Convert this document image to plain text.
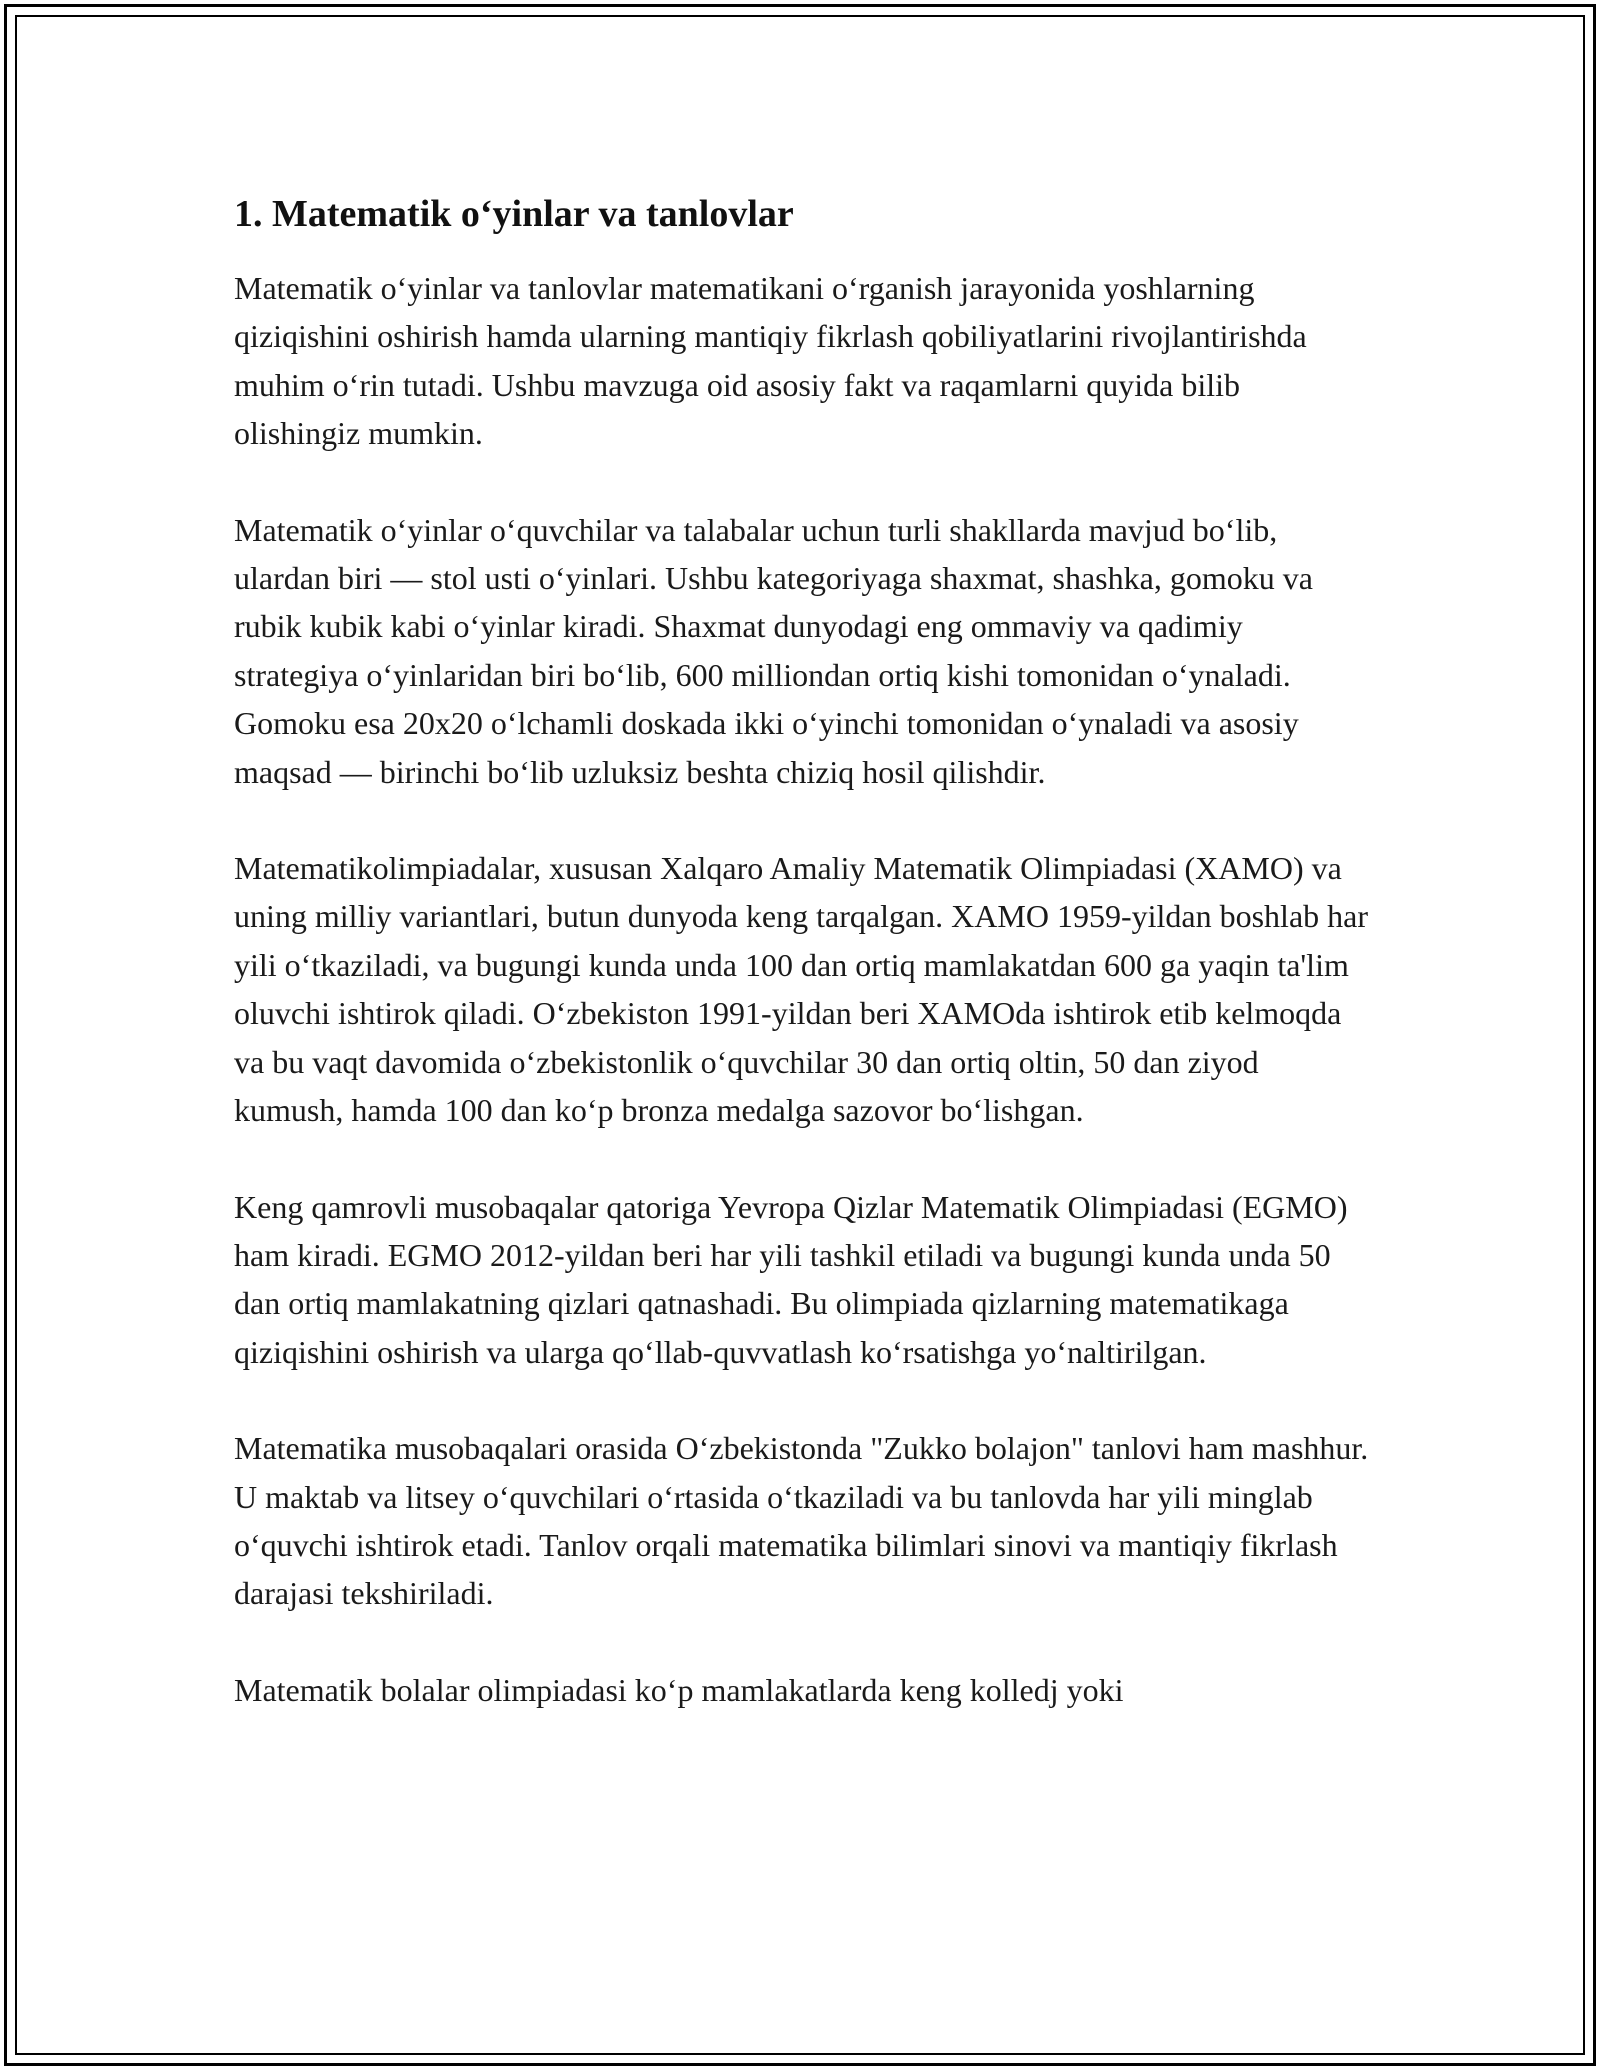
1. Matematik o‘yinlar va tanlovlar

Matematik o‘yinlar va tanlovlar matematikani o‘rganish jarayonida yoshlarning qiziqishini oshirish hamda ularning mantiqiy fikrlash qobiliyatlarini rivojlantirishda muhim o‘rin tutadi. Ushbu mavzuga oid asosiy fakt va raqamlarni quyida bilib olishingiz mumkin.

Matematik o‘yinlar o‘quvchilar va talabalar uchun turli shakllarda mavjud bo‘lib, ulardan biri — stol usti o‘yinlari. Ushbu kategoriyaga shaxmat, shashka, gomoku va rubik kubik kabi o‘yinlar kiradi. Shaxmat dunyodagi eng ommaviy va qadimiy strategiya o‘yinlaridan biri bo‘lib, 600 milliondan ortiq kishi tomonidan o‘ynaladi. Gomoku esa 20x20 o‘lchamli doskada ikki o‘yinchi tomonidan o‘ynaladi va asosiy maqsad — birinchi bo‘lib uzluksiz beshta chiziq hosil qilishdir.

Matematikolimpiadalar, xususan Xalqaro Amaliy Matematik Olimpiadasi (XAMO) va uning milliy variantlari, butun dunyoda keng tarqalgan. XAMO 1959-yildan boshlab har yili o‘tkaziladi, va bugungi kunda unda 100 dan ortiq mamlakatdan 600 ga yaqin ta'lim oluvchi ishtirok qiladi. O‘zbekiston 1991-yildan beri XAMOda ishtirok etib kelmoqda va bu vaqt davomida o‘zbekistonlik o‘quvchilar 30 dan ortiq oltin, 50 dan ziyod kumush, hamda 100 dan ko‘p bronza medalga sazovor bo‘lishgan.

Keng qamrovli musobaqalar qatoriga Yevropa Qizlar Matematik Olimpiadasi (EGMO) ham kiradi. EGMO 2012-yildan beri har yili tashkil etiladi va bugungi kunda unda 50 dan ortiq mamlakatning qizlari qatnashadi. Bu olimpiada qizlarning matematikaga qiziqishini oshirish va ularga qo‘llab-quvvatlash ko‘rsatishga yo‘naltirilgan.

Matematika musobaqalari orasida O‘zbekistonda "Zukko bolajon" tanlovi ham mashhur. U maktab va litsey o‘quvchilari o‘rtasida o‘tkaziladi va bu tanlovda har yili minglab o‘quvchi ishtirok etadi. Tanlov orqali matematika bilimlari sinovi va mantiqiy fikrlash darajasi tekshiriladi.

Matematik bolalar olimpiadasi ko‘p mamlakatlarda keng kolledj yoki
